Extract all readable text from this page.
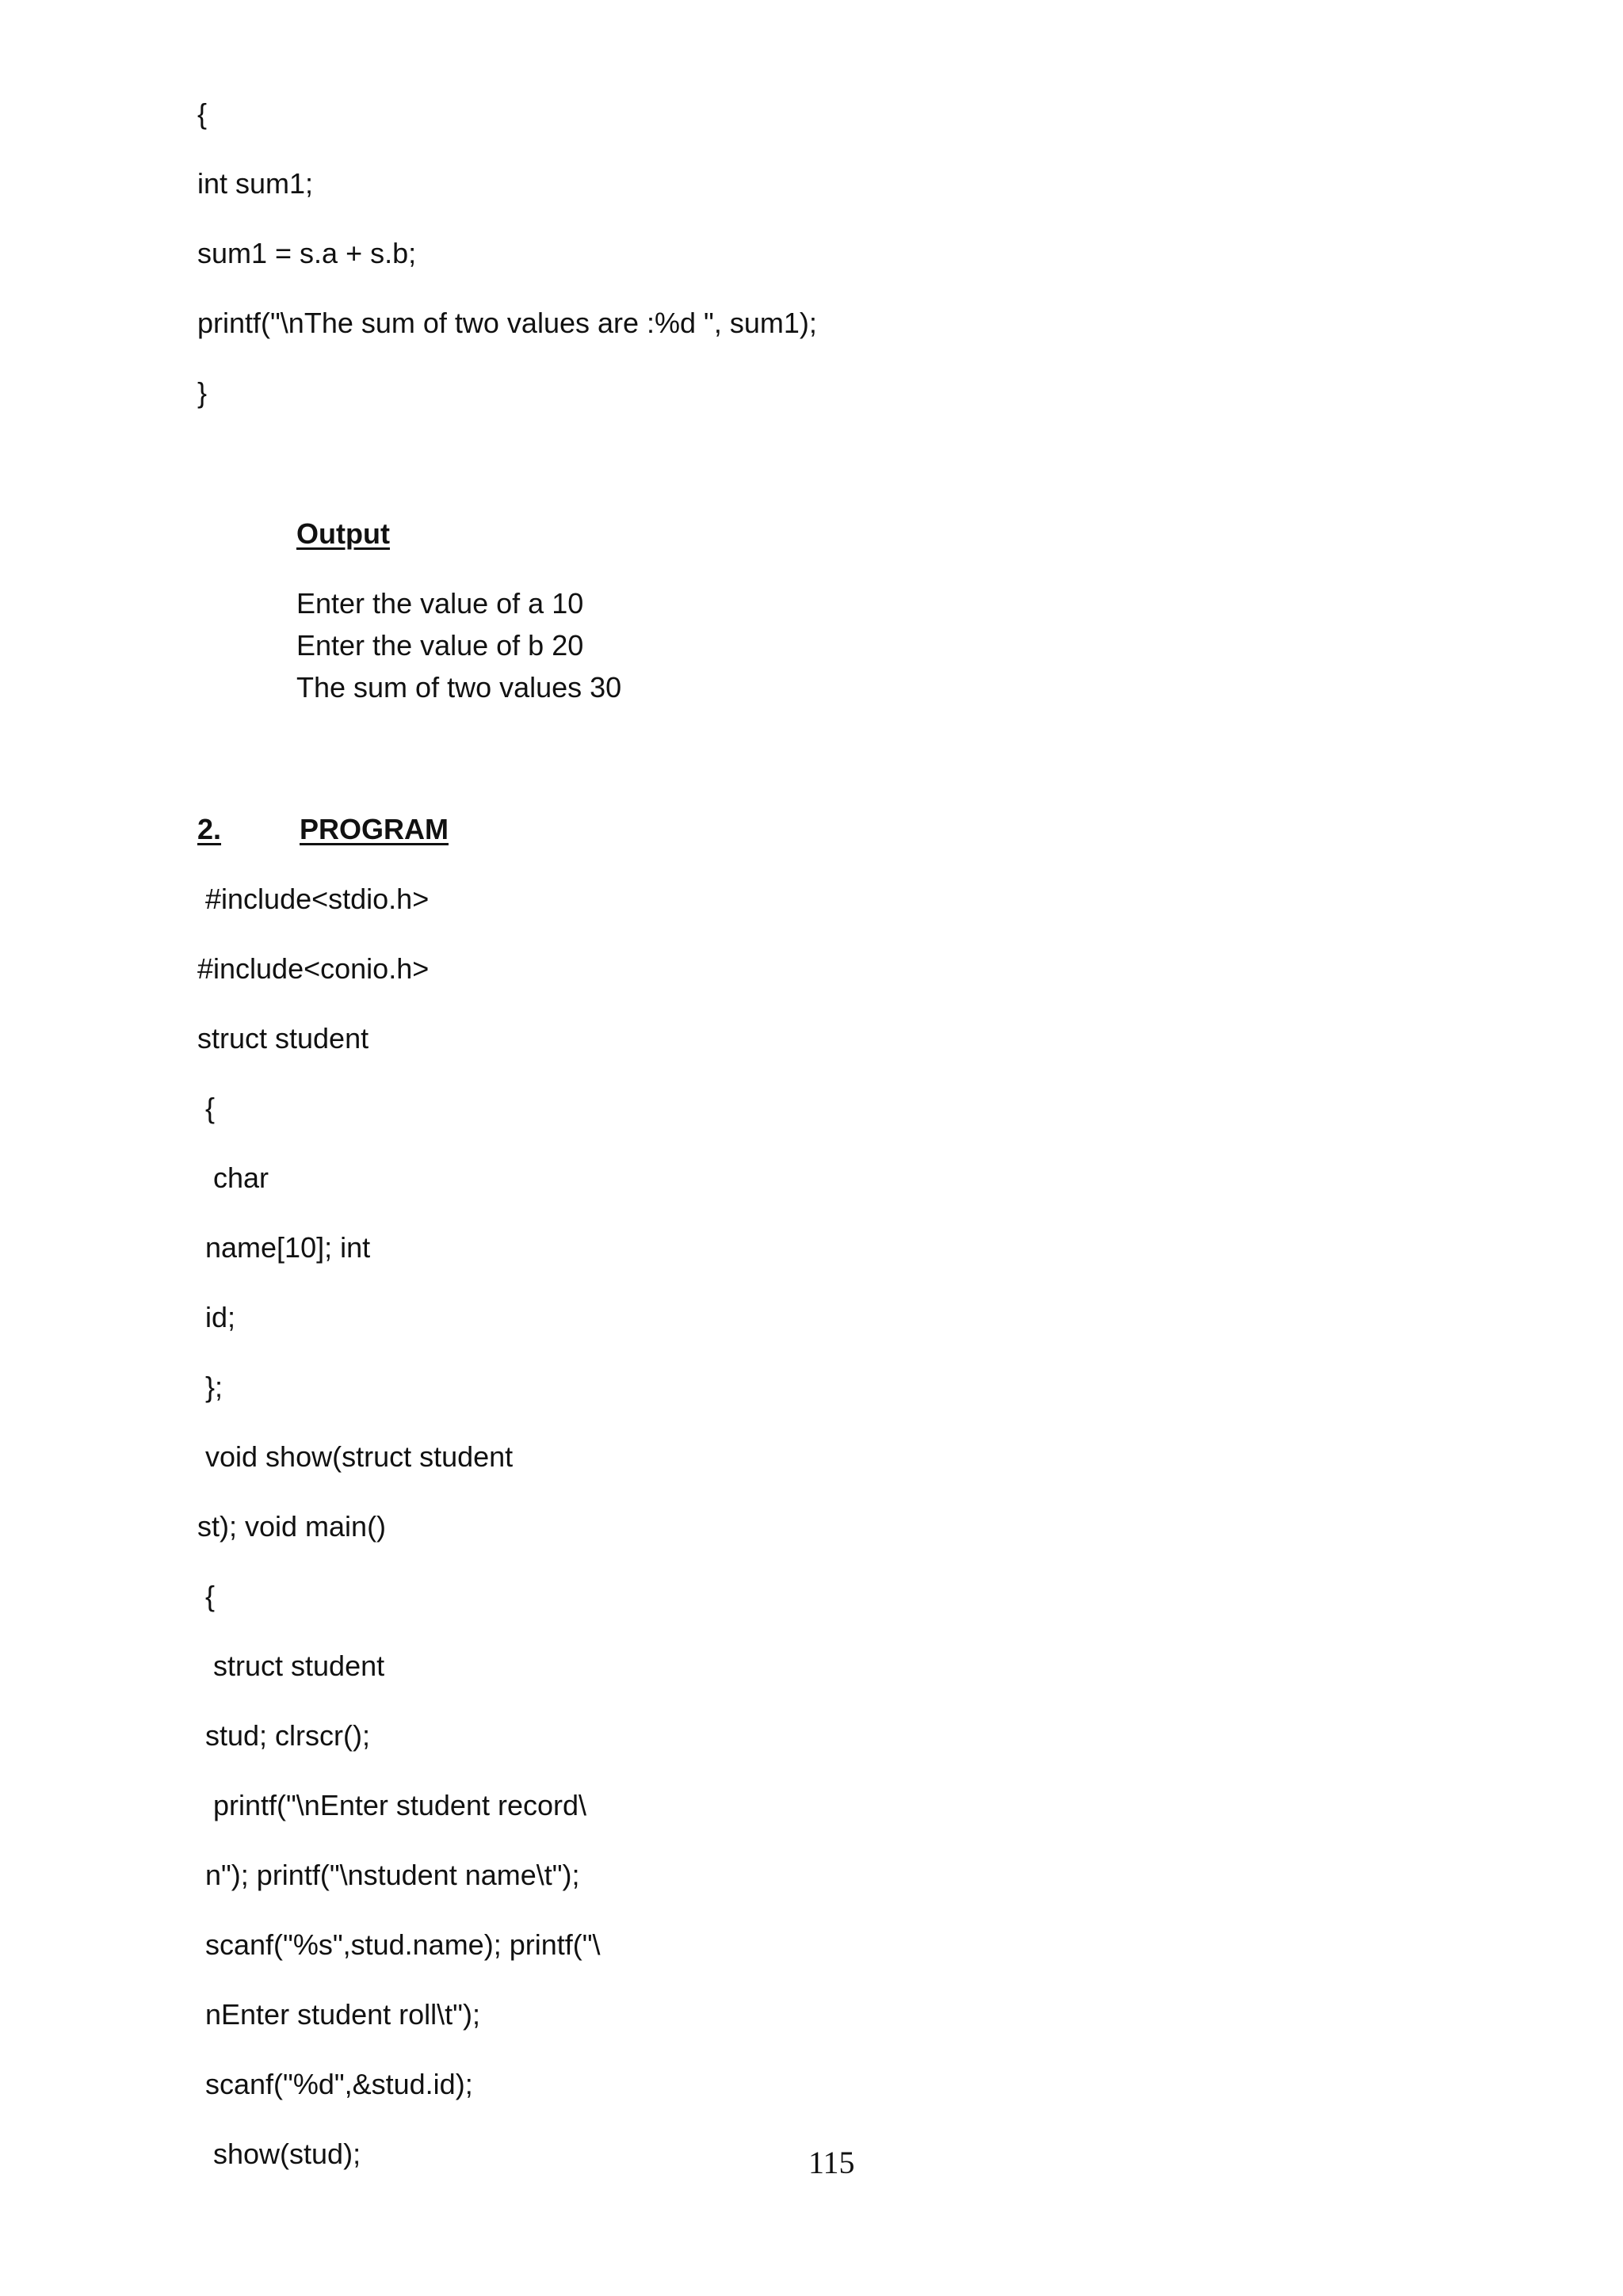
{
int sum1;
sum1 = s.a + s.b;
printf("\nThe sum of two values are :%d ", sum1);
}
Output
Enter the value of a 10
Enter the value of b 20
The sum of two values 30
2.	PROGRAM
#include<stdio.h>
#include<conio.h>
struct student
{
char
name[10]; int
id;
};
void show(struct student
st); void main()
{
struct student
stud; clrscr();
printf("\nEnter student record\
n"); printf("\nstudent name\t");
scanf("%s",stud.name); printf("\
nEnter student roll\t");
scanf("%d",&stud.id);
show(stud);	115
